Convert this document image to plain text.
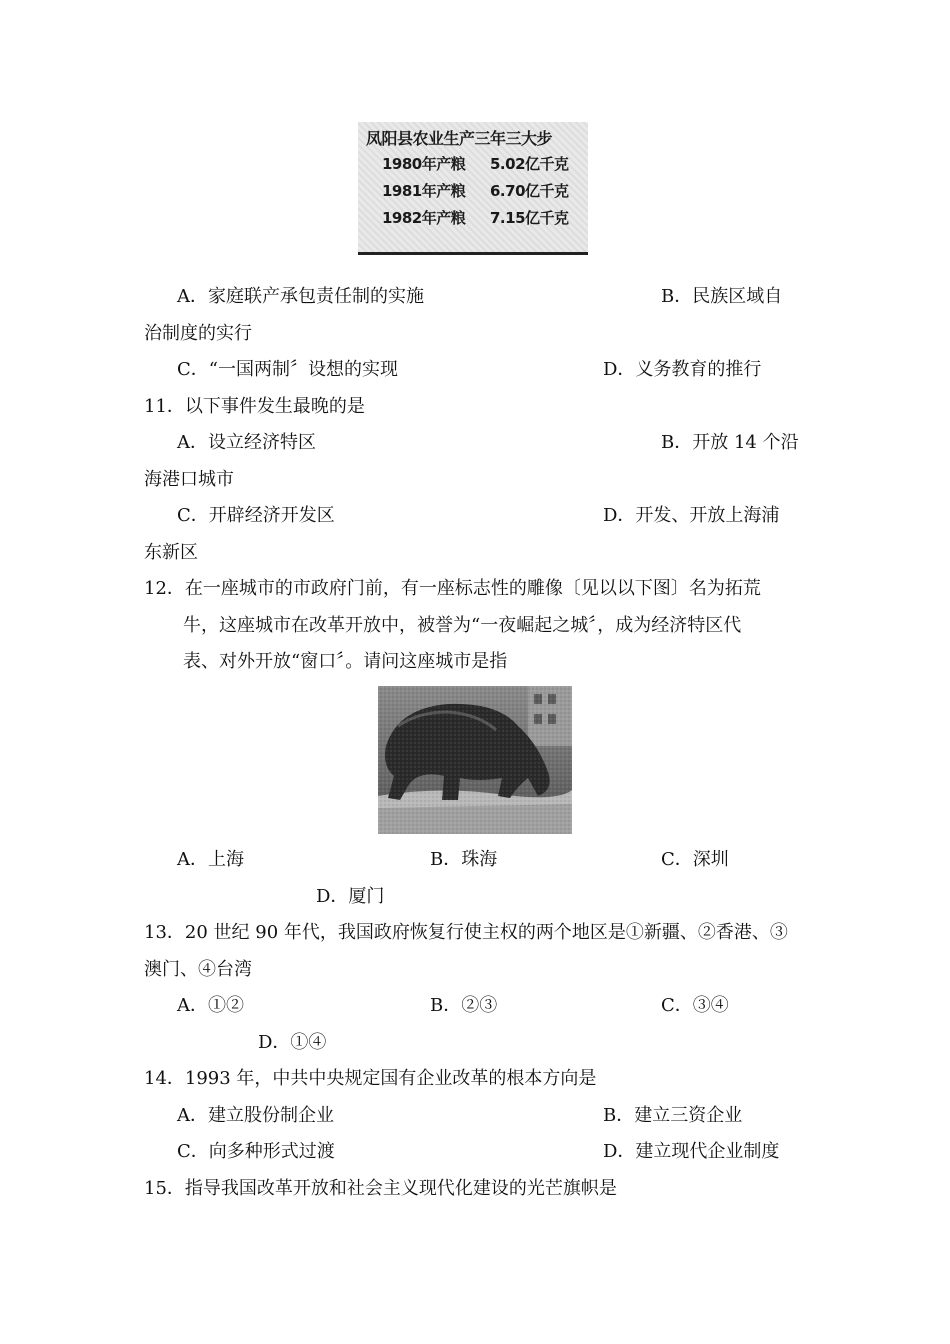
凤阳县农业生产三年三大步
1980年产粮 5.02亿千克
1981年产粮 6.70亿千克
1982年产粮 7.15亿千克
A．家庭联产承包责任制的实施	B．民族区域自
治制度的实行
C．“一国两制〞设想的实现	D．义务教育的推行
11．以下事件发生最晚的是
A．设立经济特区	B．开放 14 个沿
海港口城市
C．开辟经济开发区	D．开发、开放上海浦
东新区
12．在一座城市的市政府门前，有一座标志性的雕像〔见以以下图〕名为拓荒
牛，这座城市在改革开放中，被誉为“一夜崛起之城〞，成为经济特区代
表、对外开放“窗口〞。请问这座城市是指
A．上海	B．珠海	C．深圳
D．厦门
13．20 世纪 90 年代，我国政府恢复行使主权的两个地区是①新疆、②香港、③
澳门、④台湾
A．①②	B．②③	C．③④
D．①④
14．1993 年，中共中央规定国有企业改革的根本方向是
A．建立股份制企业	B．建立三资企业
C．向多种形式过渡	D．建立现代企业制度
15．指导我国改革开放和社会主义现代化建设的光芒旗帜是
